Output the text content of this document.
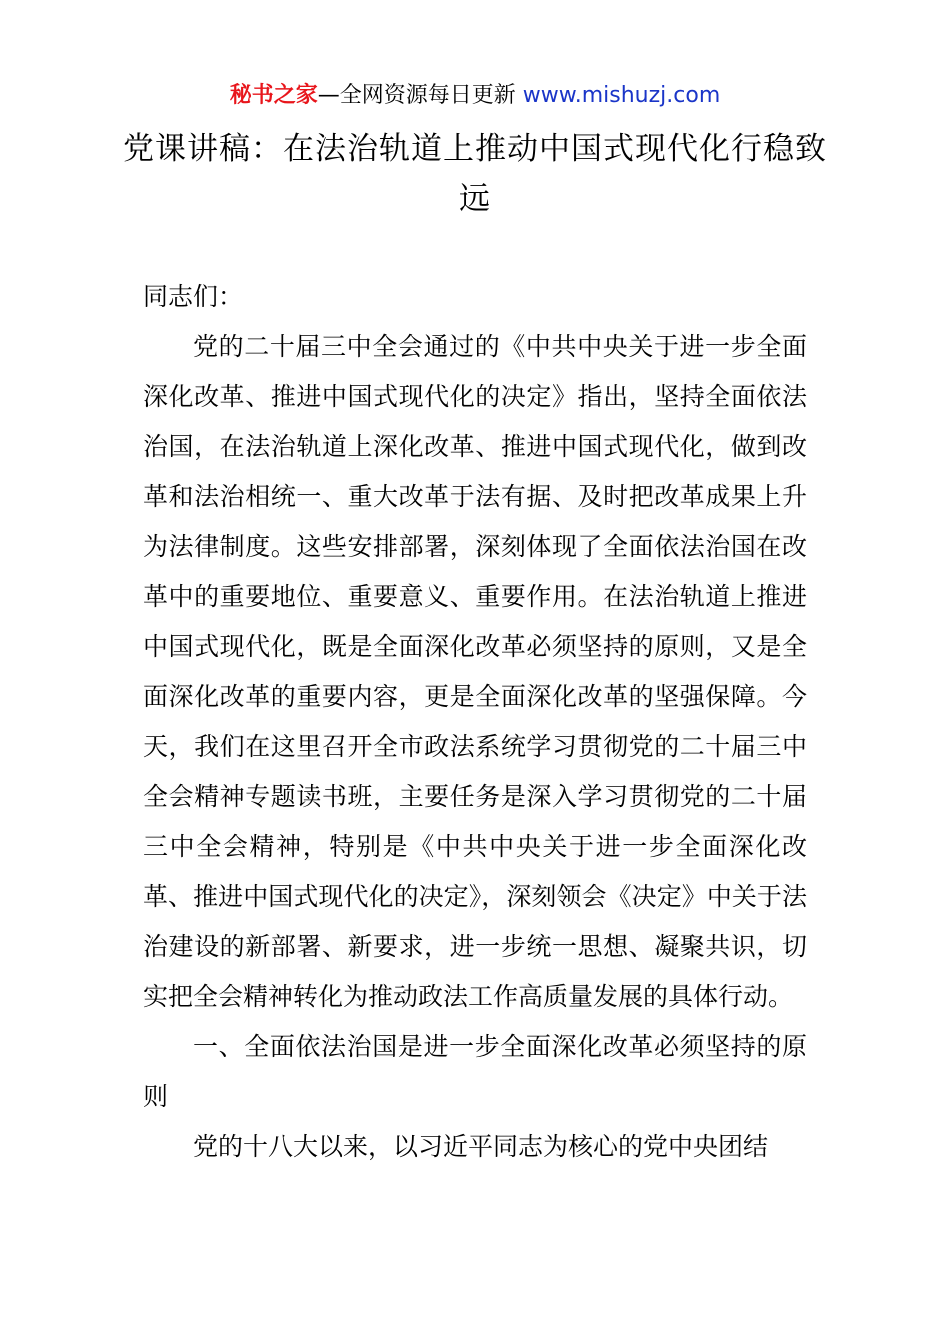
秘书之家—全网资源每日更新 www.mishuzj.com
党课讲稿：在法治轨道上推动中国式现代化行稳致远

同志们：

党的二十届三中全会通过的《中共中央关于进一步全面深化改革、推进中国式现代化的决定》指出，坚持全面依法治国，在法治轨道上深化改革、推进中国式现代化，做到改革和法治相统一、重大改革于法有据、及时把改革成果上升为法律制度。这些安排部署，深刻体现了全面依法治国在改革中的重要地位、重要意义、重要作用。在法治轨道上推进中国式现代化，既是全面深化改革必须坚持的原则，又是全面深化改革的重要内容，更是全面深化改革的坚强保障。今天，我们在这里召开全市政法系统学习贯彻党的二十届三中全会精神专题读书班，主要任务是深入学习贯彻党的二十届三中全会精神，特别是《中共中央关于进一步全面深化改革、推进中国式现代化的决定》，深刻领会《决定》中关于法治建设的新部署、新要求，进一步统一思想、凝聚共识，切实把全会精神转化为推动政法工作高质量发展的具体行动。

一、全面依法治国是进一步全面深化改革必须坚持的原则

党的十八大以来，以习近平同志为核心的党中央团结
